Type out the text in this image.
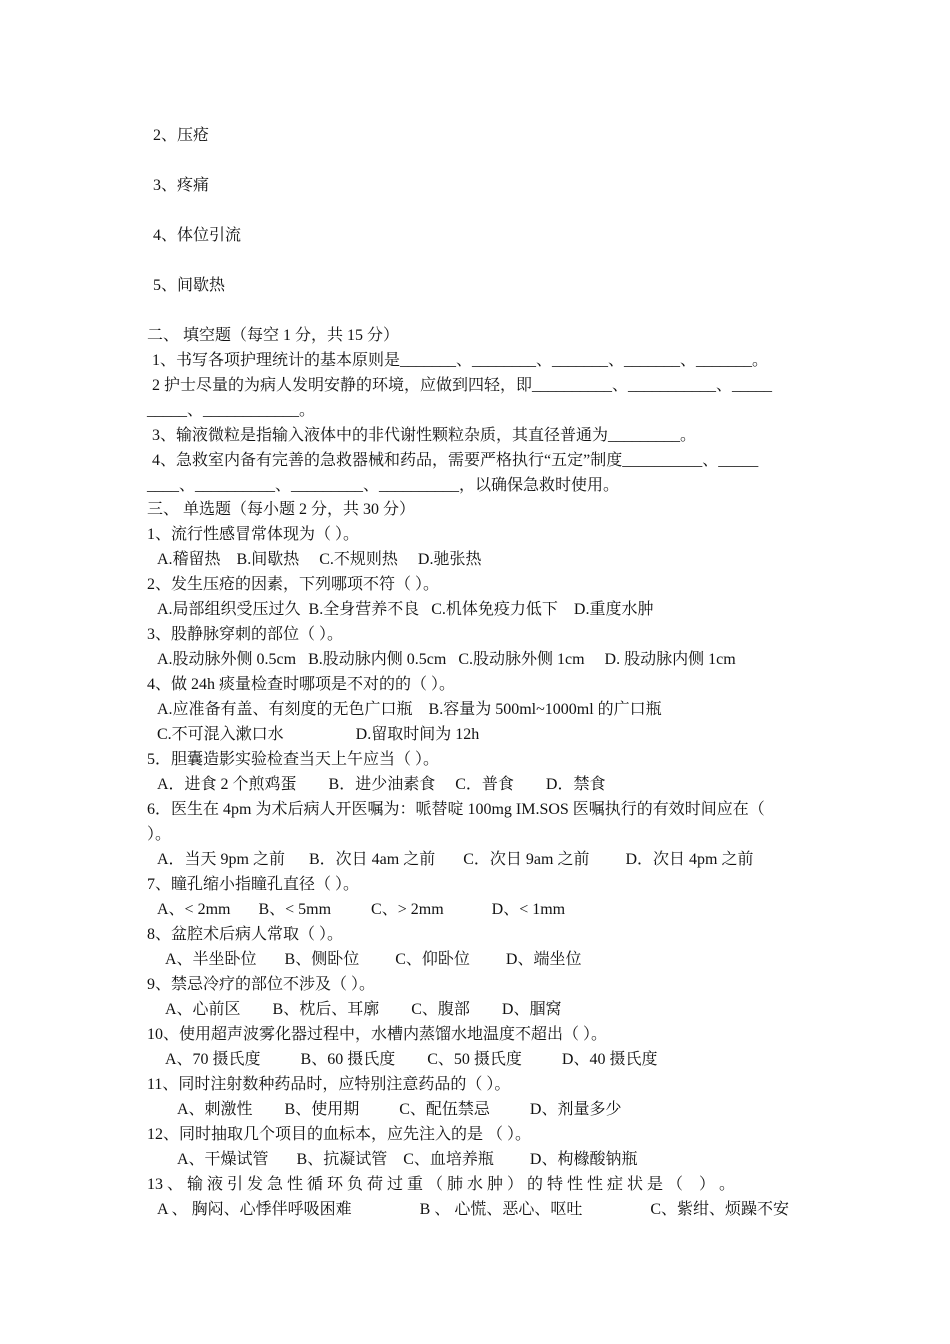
2、压疮
3、疼痛
4、体位引流
5、间歇热
二、 填空题（每空 1 分，共 15 分）
1、书写各项护理统计的基本原则是_______、________、_______、_______、_______。
2 护士尽量的为病人发明安静的环境，应做到四轻，即__________、___________、_____
_____、____________。
3、输液微粒是指输入液体中的非代谢性颗粒杂质，其直径普通为_________。
4、急救室内备有完善的急救器械和药品，需要严格执行“五定”制度__________、_____
____、__________、_________、__________，以确保急救时使用。
三、 单选题（每小题 2 分，共 30 分）
1、流行性感冒常体现为（ ）。
A.稽留热    B.间歇热     C.不规则热     D.驰张热
2、发生压疮的因素，下列哪项不符（ ）。
A.局部组织受压过久  B.全身营养不良   C.机体免疫力低下    D.重度水肿
3、股静脉穿刺的部位（ ）。
A.股动脉外侧 0.5cm   B.股动脉内侧 0.5cm   C.股动脉外侧 1cm     D. 股动脉内侧 1cm
4、做 24h 痰量检查时哪项是不对的的（ ）。
A.应准备有盖、有刻度的无色广口瓶    B.容量为 500ml~1000ml 的广口瓶
C.不可混入漱口水                  D.留取时间为 12h
5．胆囊造影实验检查当天上午应当（ ）。
A．进食 2 个煎鸡蛋        B．进少油素食     C．普食        D．禁食
6．医生在 4pm 为术后病人开医嘱为：哌替啶 100mg IM.SOS 医嘱执行的有效时间应在（
）。
A．当天 9pm 之前      B．次日 4am 之前       C．次日 9am 之前         D．次日 4pm 之前
7、瞳孔缩小指瞳孔直径（ ）。
A、< 2mm       B、< 5mm          C、> 2mm            D、< 1mm
8、盆腔术后病人常取（ ）。
A、半坐卧位       B、侧卧位         C、仰卧位         D、端坐位
9、禁忌冷疗的部位不涉及（ ）。
A、心前区        B、枕后、耳廓        C、腹部        D、腘窝
10、使用超声波雾化器过程中，水槽内蒸馏水地温度不超出（ ）。
A、70 摄氏度          B、60 摄氏度        C、50 摄氏度          D、40 摄氏度
11、同时注射数种药品时，应特别注意药品的（ ）。
A、刺激性        B、使用期          C、配伍禁忌          D、剂量多少
12、同时抽取几个项目的血标本，应先注入的是 （ ）。
A、干燥试管       B、抗凝试管    C、血培养瓶         D、枸橼酸钠瓶
13 、 输 液 引 发 急 性 循 环 负 荷 过 重 （ 肺 水 肿 ） 的 特 性 性 症 状 是 （    ） 。
A 、 胸闷、心悸伴呼吸困难                 B 、 心慌、恶心、呕吐                 C、紫绀、烦躁不安
